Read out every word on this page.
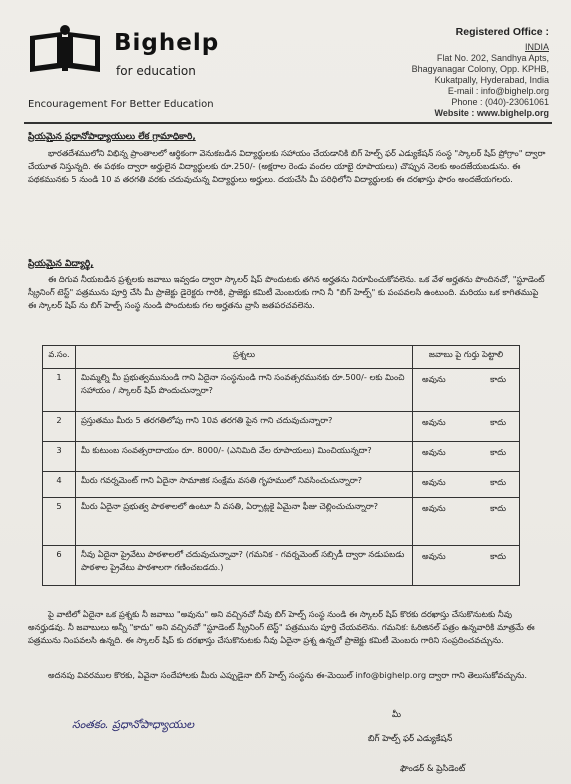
Bighelp
for education
Encouragement For Better Education
Registered Office :
INDIA
Flat No. 202, Sandhya Apts,
Bhagyanagar Colony, Opp. KPHB,
Kukatpally, Hyderabad, India
E-mail : info@bighelp.org
Phone : (040)-23061061
Website : www.bighelp.org
ప్రియమైన ప్రధానోపాధ్యాయులు లేక గ్రామాధికారి,
భారతదేశములోని విభిన్న ప్రాంతాలలో ఆర్థికంగా వెనుకబడిన విద్యార్థులకు సహాయం చేయడానికి బిగ్ హెల్ప్ ఫర్ ఎడ్యుకేషన్ సంస్థ "స్కాలర్ షిప్ ప్రోగ్రాం" ద్వారా చేయూత నిస్తున్నది. ఈ పథకం ద్వారా అర్హులైన విద్యార్థులకు రూ.250/- (అక్షరాల రెండు వందల యాభై రూపాయలు) చొప్పున నెలకు అందజేయబడును. ఈ పథకమునకు 5 నుండి 10 వ తరగతి వరకు చదువుచున్న విద్యార్థులు అర్హులు. దయచేసి మీ పరిధిలోని విద్యార్థులకు ఈ దరఖాస్తు ఫారం అందజేయగలరు.
ప్రియమైన విద్యార్థి,
ఈ దిగువ నీయబడిన ప్రశ్నలకు జవాబు ఇవ్వడం ద్వారా స్కాలర్ షిప్ పొందుటకు తగిన అర్హతను నిరూపించుకోవలెను. ఒక వేళ అర్హతను పొందినచో, "స్టూడెంట్ స్క్రీనింగ్ టెస్ట్" పత్రమును పూర్తి చేసి మీ ప్రాజెక్టు డైరెక్టరు గారికి, ప్రాజెక్టు కమిటీ మెంబరుకు గాని నీ "బిగ్ హెల్ప్" కు పంపవలసి ఉంటుంది. మరియు ఒక కాగితముపై ఈ స్కాలర్ షిప్ ను బిగ్ హెల్ప్ సంస్థ నుండి పొందుటకు గల అర్హతను వ్రాసి జతపరచవలెను.
వ.సం.	ప్రశ్నలు	జవాబు పై గుర్తు పెట్టాలి
1	మిమ్మల్ని మీ ప్రభుత్వమునుండి గాని ఏదైనా సంస్థనుండి గాని సంవత్సరమునకు రూ.500/- లకు మించి సహాయం / స్కాలర్ షిప్ పొందుచున్నారా?	అవును కాదు

2	ప్రస్తుతము మీరు 5 తరగతిలోపు గాని 10వ తరగతి పైన గాని చదువుచున్నారా?	అవును కాదు

3	మీ కుటుంబ సంవత్సరాదాయం రూ. 8000/- (ఎనిమిది వేల రూపాయలు) మించియున్నదా?	అవును కాదు

4	మీరు గవర్నమెంట్ గాని ఏదైనా సామాజిక సంక్షేమ వసతి గృహములో నివసించుచున్నారా?	అవును కాదు

5	మీరు ఏదైనా ప్రభుత్వ పాఠశాలలో ఉంటూ నీ వసతి, ఏర్పాట్లకై ఏమైనా ఫీజు చెల్లించుచున్నారా?	అవును కాదు

6	నీవు ఏదైనా ప్రైవేటు పాఠశాలలో చదువుచున్నావా? (గమనిక - గవర్నమెంట్ సబ్సిడీ ద్వారా నడుపబడు పాఠశాల ప్రైవేటు పాఠశాలగా గణించబడదు.)	అవును కాదు
పై వాటిలో ఏదైనా ఒక ప్రశ్నకు నీ జవాబు "అవును" అని వచ్చినచో నీవు బిగ్ హెల్ప్ సంస్థ నుండి ఈ స్కాలర్ షిప్ కొరకు దరఖాస్తు చేసుకొనుటకు నీవు అనర్హుడవు. నీ జవాబులు అన్నీ "కాదు" అని వచ్చినచో "స్టూడెంట్ స్క్రీనింగ్ టెస్ట్" పత్రమును పూర్తి చేయవలెను. గమనిక: ఓరిజినల్ పత్రం ఉన్నవారికి మాత్రమే ఈ పత్రమును నింపవలసి ఉన్నది. ఈ స్కాలర్ షిప్ కు దరఖాస్తు చేసుకొనుటకు నీవు ఏదైనా ప్రశ్న ఉన్నచో ప్రాజెక్టు కమిటీ మెంబరు గారిని సంప్రదించవచ్చును.
అదనపు వివరముల కొరకు, ఏవైనా సందేహాలకు మీరు ఎప్పుడైనా బిగ్ హెల్ప్ సంస్థను ఈ-మెయిల్ info@bighelp.org ద్వారా గాని తెలుసుకోవచ్చును.
సంతకం. ప్రధానోపాధ్యాయుల
మీ
బిగ్ హెల్ప్ ఫర్ ఎడ్యుకేషన్
ఫౌండర్ & ప్రెసిడెంట్
